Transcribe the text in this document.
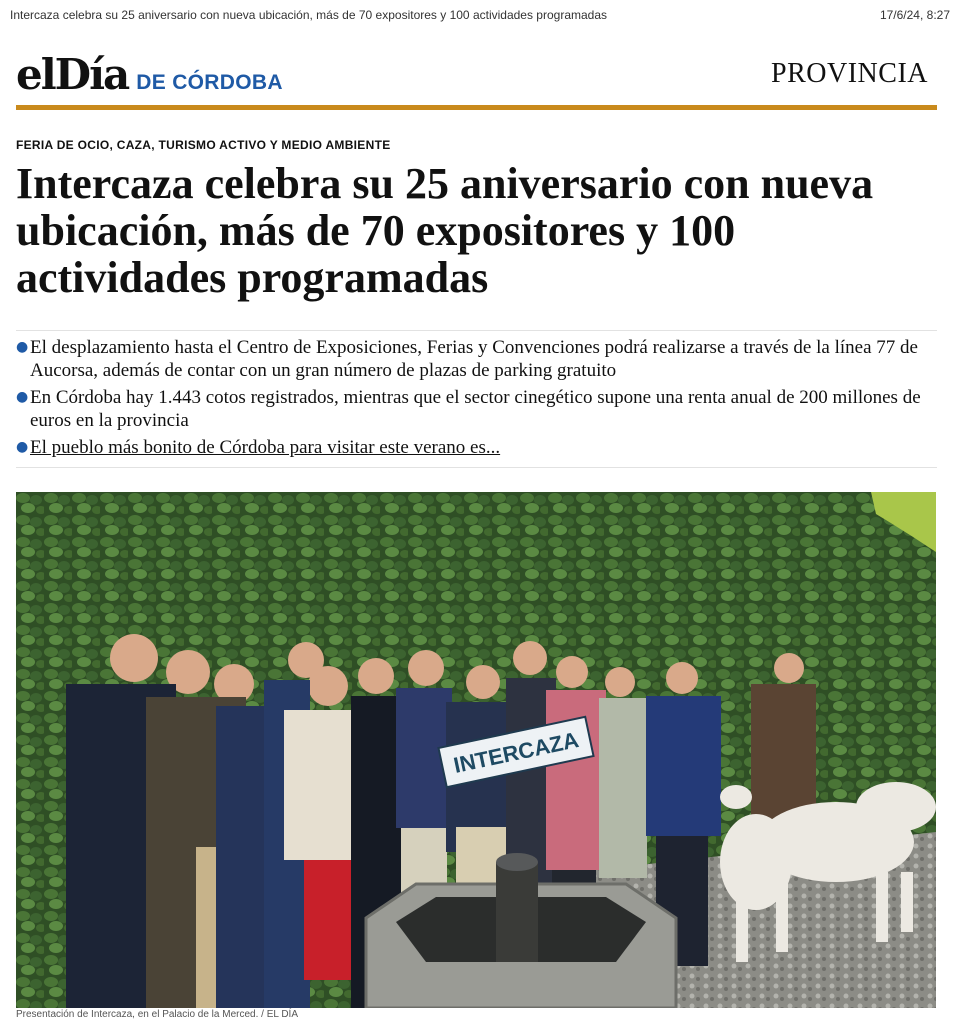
Intercaza celebra su 25 aniversario con nueva ubicación, más de 70 expositores y 100 actividades programadas	17/6/24, 8:27
elDía DE CÓRDOBA	PROVINCIA
FERIA DE OCIO, CAZA, TURISMO ACTIVO Y MEDIO AMBIENTE
Intercaza celebra su 25 aniversario con nueva ubicación, más de 70 expositores y 100 actividades programadas
● El desplazamiento hasta el Centro de Exposiciones, Ferias y Convenciones podrá realizarse a través de la línea 77 de Aucorsa, además de contar con un gran número de plazas de parking gratuito
● En Córdoba hay 1.443 cotos registrados, mientras que el sector cinegético supone una renta anual de 200 millones de euros en la provincia
● El pueblo más bonito de Córdoba para visitar este verano es...
INTERCAZA
Presentación de Intercaza, en el Palacio de la Merced. / EL DÍA
